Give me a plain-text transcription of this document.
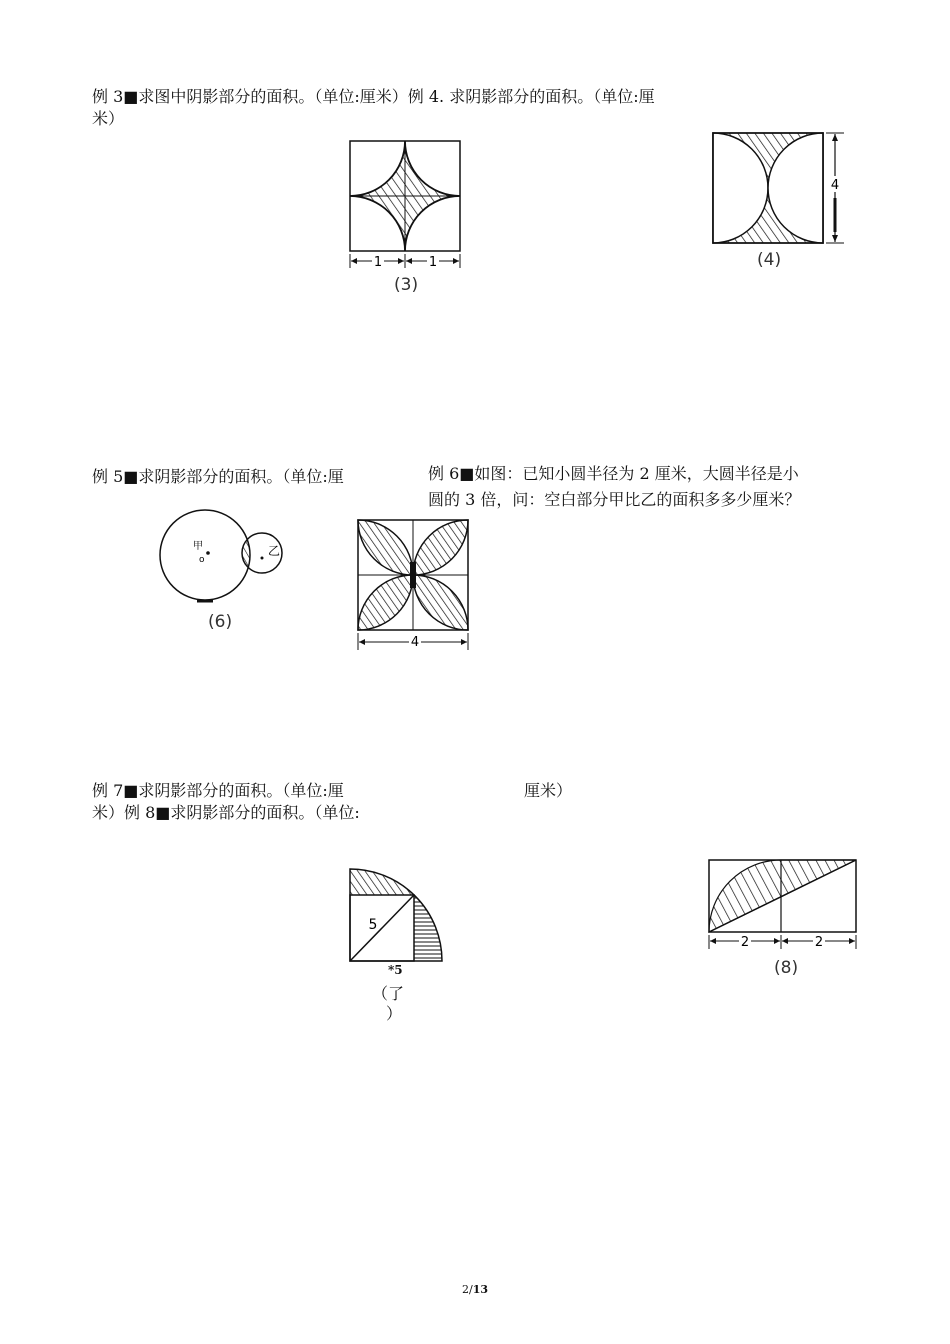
例 3■求图中阴影部分的面积。（单位:厘米）例 4. 求阴影部分的面积。（单位:厘
米）
例 5■求阴影部分的面积。（单位:厘	例 6■如图：已知小圆半径为 2 厘米，大圆半径是小
圆的 3 倍，问：空白部分甲比乙的面积多多少厘米？
例 7■求阴影部分的面积。（单位:厘	厘米）
米）例 8■求阴影部分的面积。（单位:
1	1
(3)
4
(4)
甲
o
乙
(6)
4
5
*5
（了
）
2	2
(8)
2/13
